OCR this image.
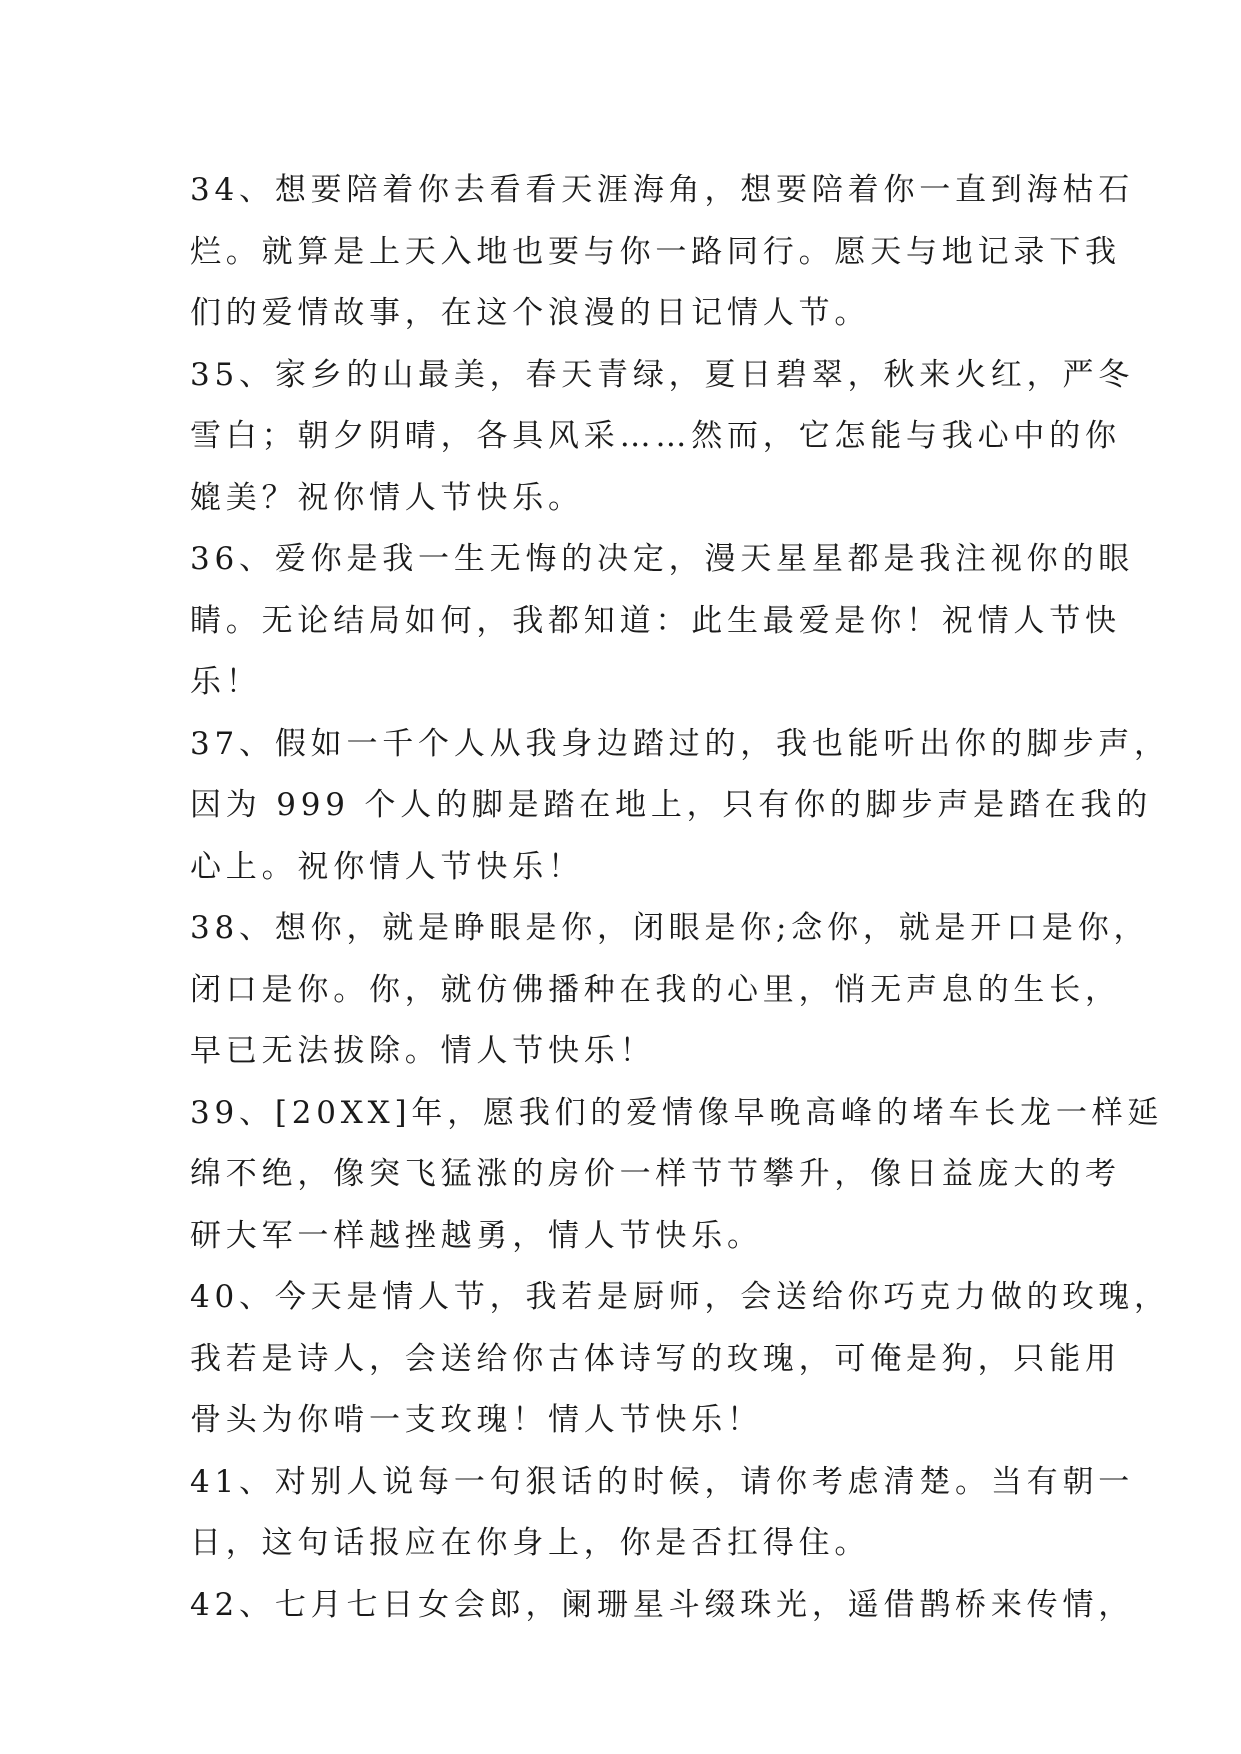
34、想要陪着你去看看天涯海角，想要陪着你一直到海枯石
烂。就算是上天入地也要与你一路同行。愿天与地记录下我
们的爱情故事，在这个浪漫的日记情人节。
35、家乡的山最美，春天青绿，夏日碧翠，秋来火红，严冬
雪白；朝夕阴晴，各具风采……然而，它怎能与我心中的你
媲美？祝你情人节快乐。
36、爱你是我一生无悔的决定，漫天星星都是我注视你的眼
睛。无论结局如何，我都知道：此生最爱是你！祝情人节快
乐！
37、假如一千个人从我身边踏过的，我也能听出你的脚步声，
因为 999 个人的脚是踏在地上，只有你的脚步声是踏在我的
心上。祝你情人节快乐！
38、想你，就是睁眼是你，闭眼是你;念你，就是开口是你，
闭口是你。你，就仿佛播种在我的心里，悄无声息的生长，
早已无法拔除。情人节快乐！
39、[20XX]年，愿我们的爱情像早晚高峰的堵车长龙一样延
绵不绝，像突飞猛涨的房价一样节节攀升，像日益庞大的考
研大军一样越挫越勇，情人节快乐。
40、今天是情人节，我若是厨师，会送给你巧克力做的玫瑰，
我若是诗人，会送给你古体诗写的玫瑰，可俺是狗，只能用
骨头为你啃一支玫瑰！情人节快乐！
41、对别人说每一句狠话的时候，请你考虑清楚。当有朝一
日，这句话报应在你身上，你是否扛得住。
42、七月七日女会郎，阑珊星斗缀珠光，遥借鹊桥来传情，
